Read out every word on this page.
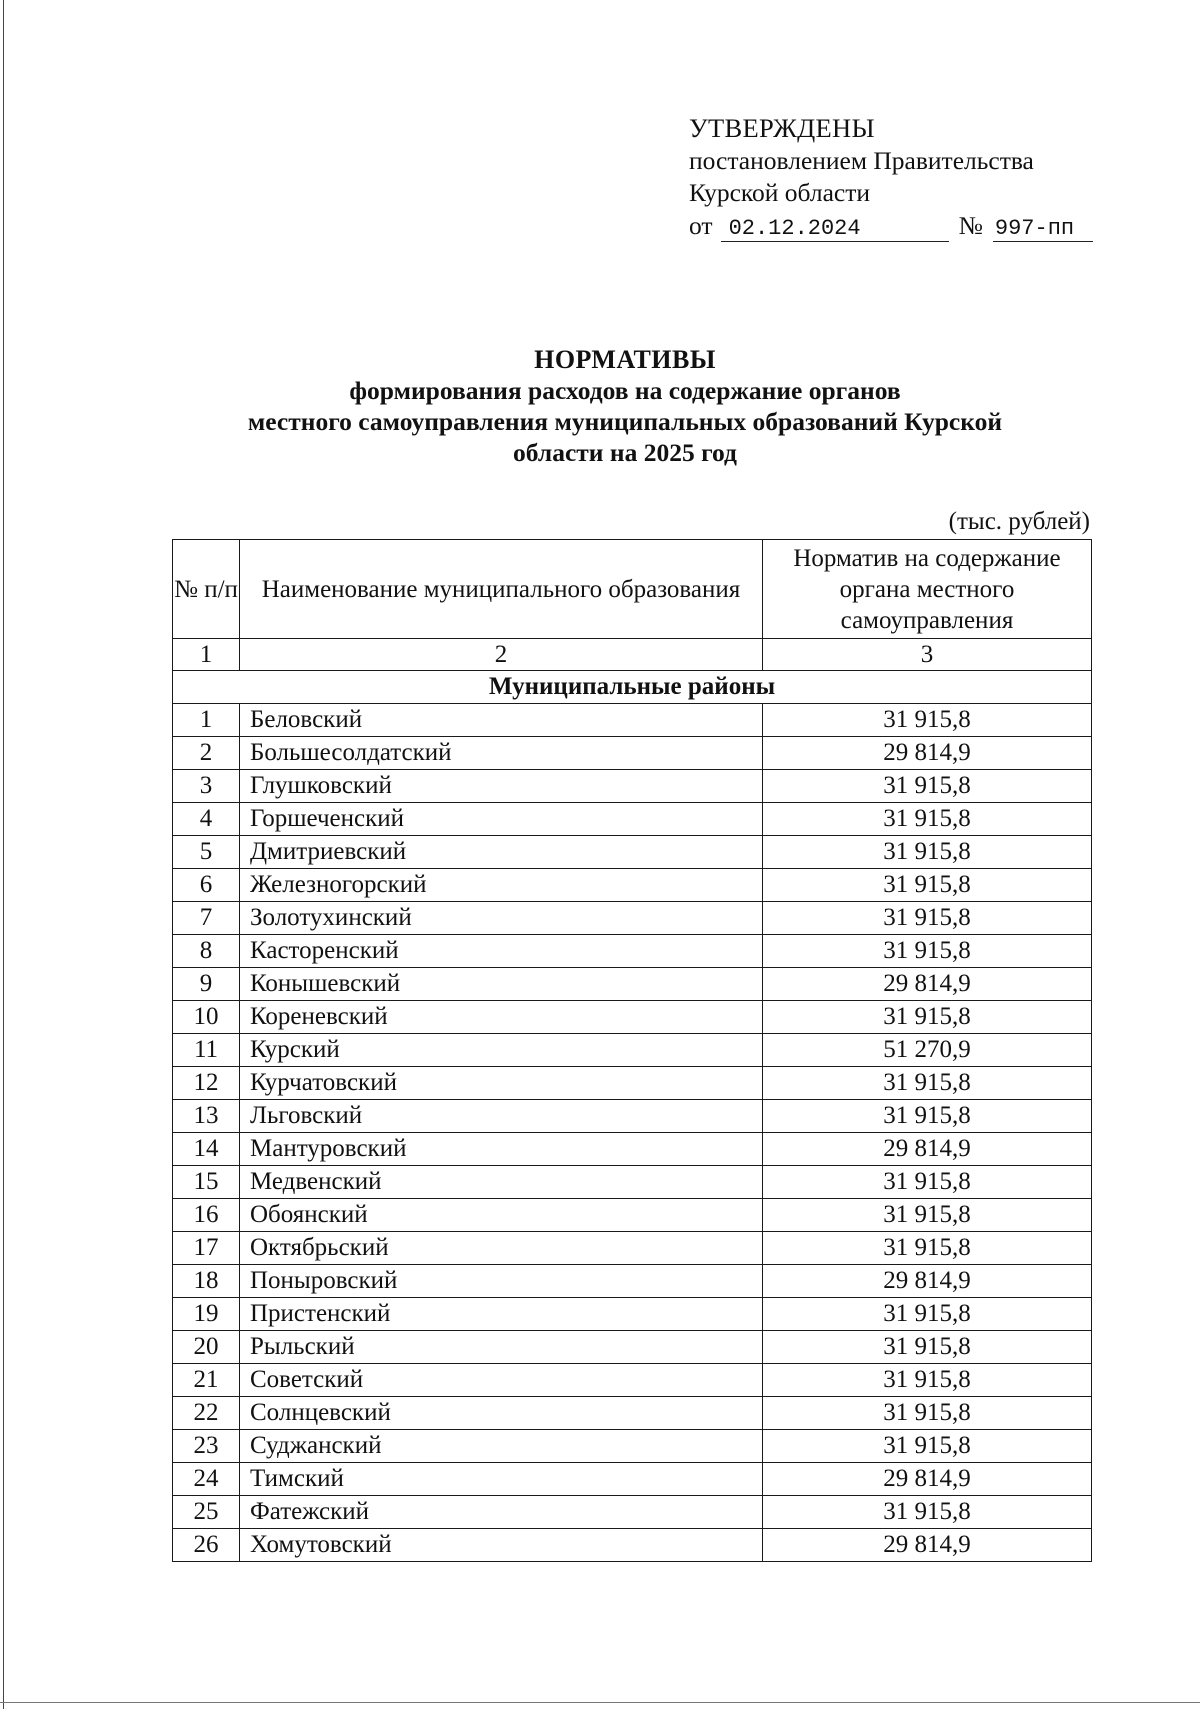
УТВЕРЖДЕНЫ
постановлением Правительства
Курской области
от 02.12.2024	№ 997-пп
НОРМАТИВЫ
формирования расходов на содержание органов
местного самоуправления муниципальных образований Курской
области на 2025 год
(тыс. рублей)
№ п/п	Наименование муниципального образования	Норматив на содержание органа местного самоуправления
1	2	3
Муниципальные районы		
1	Беловский	31 915,8
2	Большесолдатский	29 814,9
3	Глушковский	31 915,8
4	Горшеченский	31 915,8
5	Дмитриевский	31 915,8
6	Железногорский	31 915,8
7	Золотухинский	31 915,8
8	Касторенский	31 915,8
9	Конышевский	29 814,9
10	Кореневский	31 915,8
11	Курский	51 270,9
12	Курчатовский	31 915,8
13	Льговский	31 915,8
14	Мантуровский	29 814,9
15	Медвенский	31 915,8
16	Обоянский	31 915,8
17	Октябрьский	31 915,8
18	Поныровский	29 814,9
19	Пристенский	31 915,8
20	Рыльский	31 915,8
21	Советский	31 915,8
22	Солнцевский	31 915,8
23	Суджанский	31 915,8
24	Тимский	29 814,9
25	Фатежский	31 915,8
26	Хомутовский	29 814,9
